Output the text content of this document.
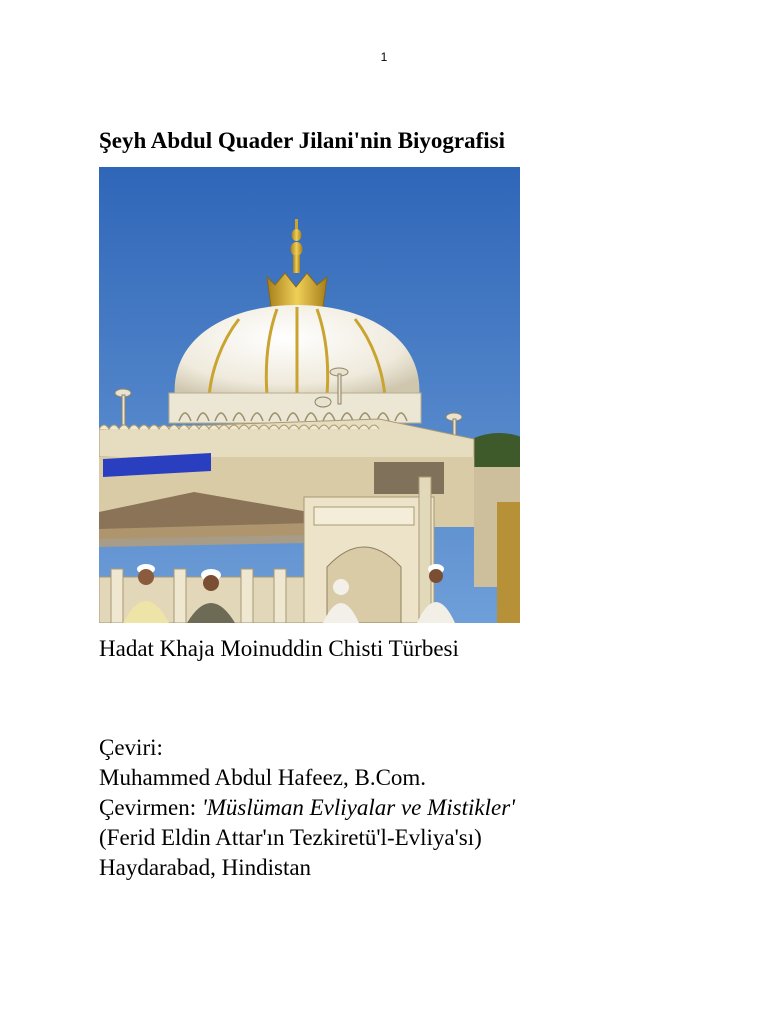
1
Şeyh Abdul Quader Jilani'nin Biyografisi
Hadat Khaja Moinuddin Chisti Türbesi
Çeviri:
Muhammed Abdul Hafeez, B.Com.
Çevirmen: 'Müslüman Evliyalar ve Mistikler'
(Ferid Eldin Attar'ın Tezkiretü'l-Evliya'sı)
Haydarabad, Hindistan
